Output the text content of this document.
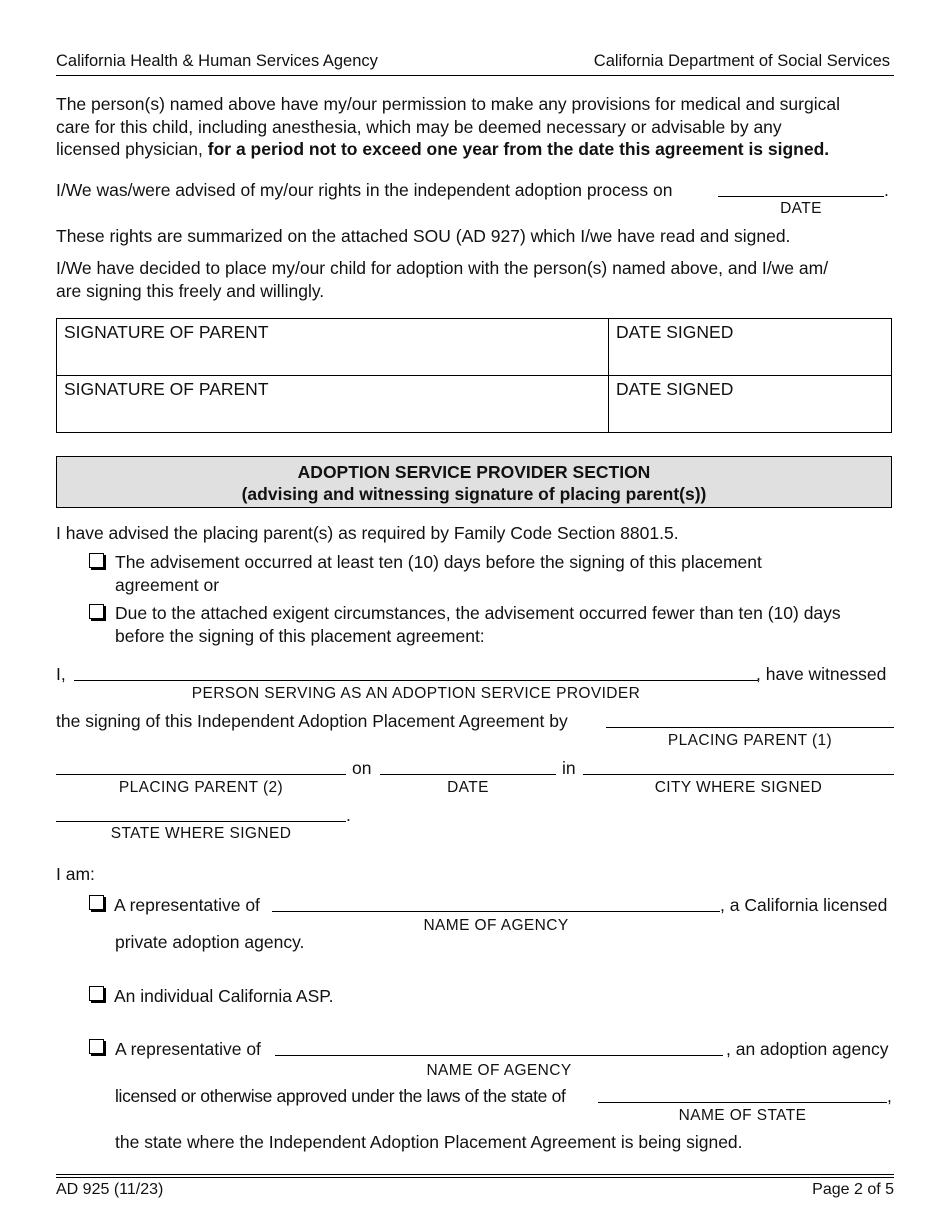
California Health & Human Services Agency	California Department of Social Services
The person(s) named above have my/our permission to make any provisions for medical and surgical
care for this child, including anesthesia, which may be deemed necessary or advisable by any
licensed physician, for a period not to exceed one year from the date this agreement is signed.
I/We was/were advised of my/our rights in the independent adoption process on	.
DATE
These rights are summarized on the attached SOU (AD 927) which I/we have read and signed.
I/We have decided to place my/our child for adoption with the person(s) named above, and I/we am/
are signing this freely and willingly.
SIGNATURE OF PARENT	DATE SIGNED
SIGNATURE OF PARENT	DATE SIGNED
ADOPTION SERVICE PROVIDER SECTION
(advising and witnessing signature of placing parent(s))
I have advised the placing parent(s) as required by Family Code Section 8801.5.
The advisement occurred at least ten (10) days before the signing of this placement
agreement or
Due to the attached exigent circumstances, the advisement occurred fewer than ten (10) days
before the signing of this placement agreement:
I,	, have witnessed
PERSON SERVING AS AN ADOPTION SERVICE PROVIDER
the signing of this Independent Adoption Placement Agreement by
PLACING PARENT (1)
on	in
PLACING PARENT (2)	DATE	CITY WHERE SIGNED
.
STATE WHERE SIGNED
I am:
A representative of	, a California licensed
NAME OF AGENCY
private adoption agency.
An individual California ASP.
A representative of	, an adoption agency
NAME OF AGENCY
licensed or otherwise approved under the laws of the state of	,
NAME OF STATE
the state where the Independent Adoption Placement Agreement is being signed.
AD 925 (11/23)	Page 2 of 5
